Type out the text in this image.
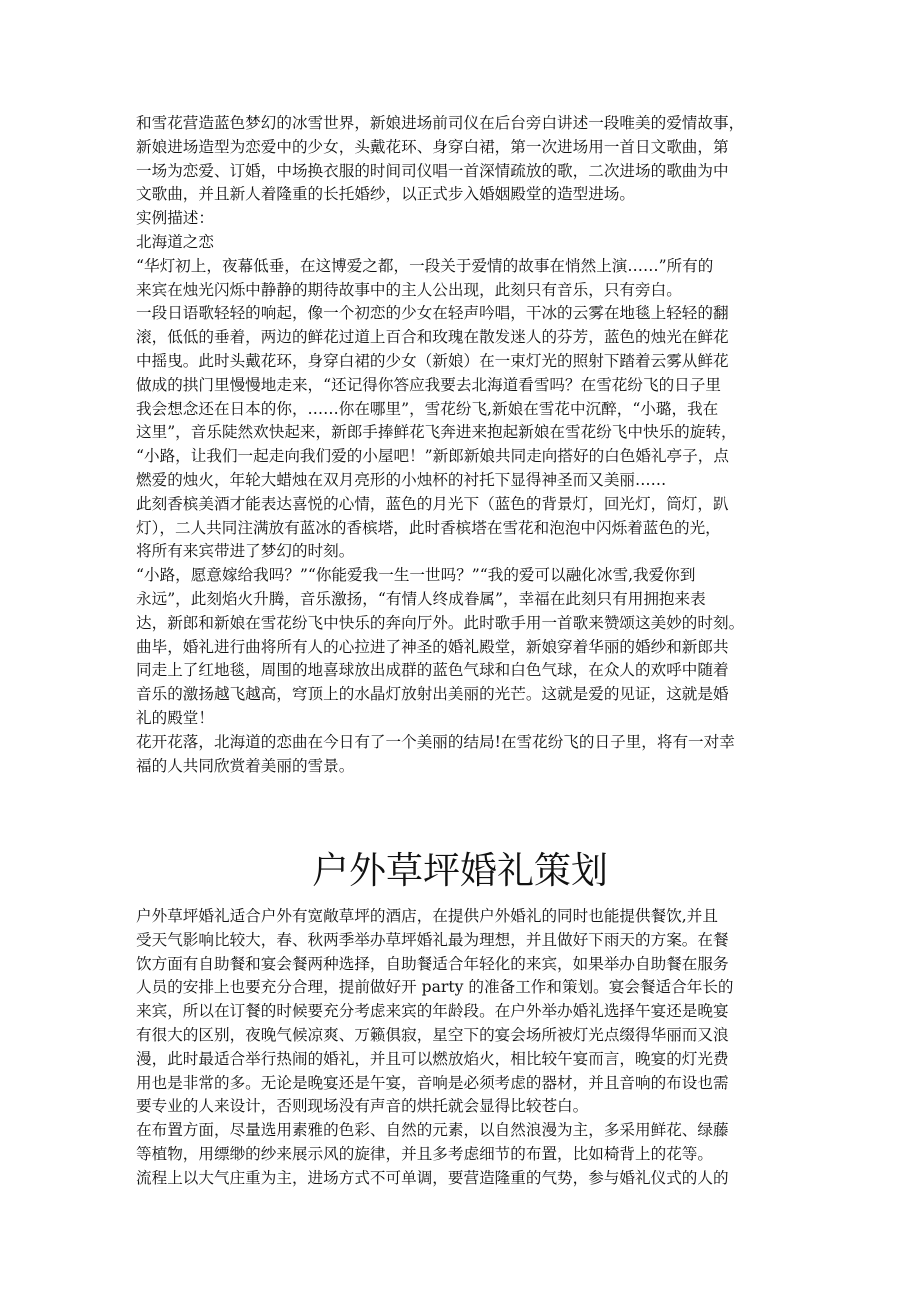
和雪花营造蓝色梦幻的冰雪世界，新娘进场前司仪在后台旁白讲述一段唯美的爱情故事，
新娘进场造型为恋爱中的少女，头戴花环、身穿白裙，第一次进场用一首日文歌曲，第
一场为恋爱、订婚，中场换衣服的时间司仪唱一首深情疏放的歌，二次进场的歌曲为中
文歌曲，并且新人着隆重的长托婚纱，以正式步入婚姻殿堂的造型进场。
实例描述：
北海道之恋
“华灯初上，夜幕低垂，在这博爱之都，一段关于爱情的故事在悄然上演……”所有的
来宾在烛光闪烁中静静的期待故事中的主人公出现，此刻只有音乐，只有旁白。
一段日语歌轻轻的响起，像一个初恋的少女在轻声吟唱，干冰的云雾在地毯上轻轻的翻
滚，低低的垂着，两边的鲜花过道上百合和玫瑰在散发迷人的芬芳，蓝色的烛光在鲜花
中摇曳。此时头戴花环，身穿白裙的少女（新娘）在一束灯光的照射下踏着云雾从鲜花
做成的拱门里慢慢地走来，“还记得你答应我要去北海道看雪吗？在雪花纷飞的日子里
我会想念还在日本的你，……你在哪里”，雪花纷飞,新娘在雪花中沉醉，“小璐，我在
这里”，音乐陡然欢快起来，新郎手捧鲜花飞奔进来抱起新娘在雪花纷飞中快乐的旋转，
“小路，让我们一起走向我们爱的小屋吧！”新郎新娘共同走向搭好的白色婚礼亭子，点
燃爱的烛火，年轮大蜡烛在双月亮形的小烛杯的衬托下显得神圣而又美丽……
此刻香槟美酒才能表达喜悦的心情，蓝色的月光下（蓝色的背景灯，回光灯，筒灯，趴
灯），二人共同注满放有蓝冰的香槟塔，此时香槟塔在雪花和泡泡中闪烁着蓝色的光，
将所有来宾带进了梦幻的时刻。
“小路，愿意嫁给我吗？”“你能爱我一生一世吗？”“我的爱可以融化冰雪,我爱你到
永远”，此刻焰火升腾，音乐激扬，“有情人终成眷属”，幸福在此刻只有用拥抱来表
达，新郎和新娘在雪花纷飞中快乐的奔向厅外。此时歌手用一首歌来赞颂这美妙的时刻。
曲毕，婚礼进行曲将所有人的心拉进了神圣的婚礼殿堂，新娘穿着华丽的婚纱和新郎共
同走上了红地毯，周围的地喜球放出成群的蓝色气球和白色气球，在众人的欢呼中随着
音乐的激扬越飞越高，穹顶上的水晶灯放射出美丽的光芒。这就是爱的见证，这就是婚
礼的殿堂！
花开花落，北海道的恋曲在今日有了一个美丽的结局!在雪花纷飞的日子里，将有一对幸
福的人共同欣赏着美丽的雪景。
户外草坪婚礼策划
户外草坪婚礼适合户外有宽敞草坪的酒店，在提供户外婚礼的同时也能提供餐饮,并且
受天气影响比较大，春、秋两季举办草坪婚礼最为理想，并且做好下雨天的方案。在餐
饮方面有自助餐和宴会餐两种选择，自助餐适合年轻化的来宾，如果举办自助餐在服务
人员的安排上也要充分合理，提前做好开 party 的准备工作和策划。宴会餐适合年长的
来宾，所以在订餐的时候要充分考虑来宾的年龄段。在户外举办婚礼选择午宴还是晚宴
有很大的区别，夜晚气候凉爽、万籁俱寂，星空下的宴会场所被灯光点缀得华丽而又浪
漫，此时最适合举行热闹的婚礼，并且可以燃放焰火，相比较午宴而言，晚宴的灯光费
用也是非常的多。无论是晚宴还是午宴，音响是必须考虑的器材，并且音响的布设也需
要专业的人来设计，否则现场没有声音的烘托就会显得比较苍白。
在布置方面，尽量选用素雅的色彩、自然的元素，以自然浪漫为主，多采用鲜花、绿藤
等植物，用缥缈的纱来展示风的旋律，并且多考虑细节的布置，比如椅背上的花等。
流程上以大气庄重为主，进场方式不可单调，要营造隆重的气势，参与婚礼仪式的人的
